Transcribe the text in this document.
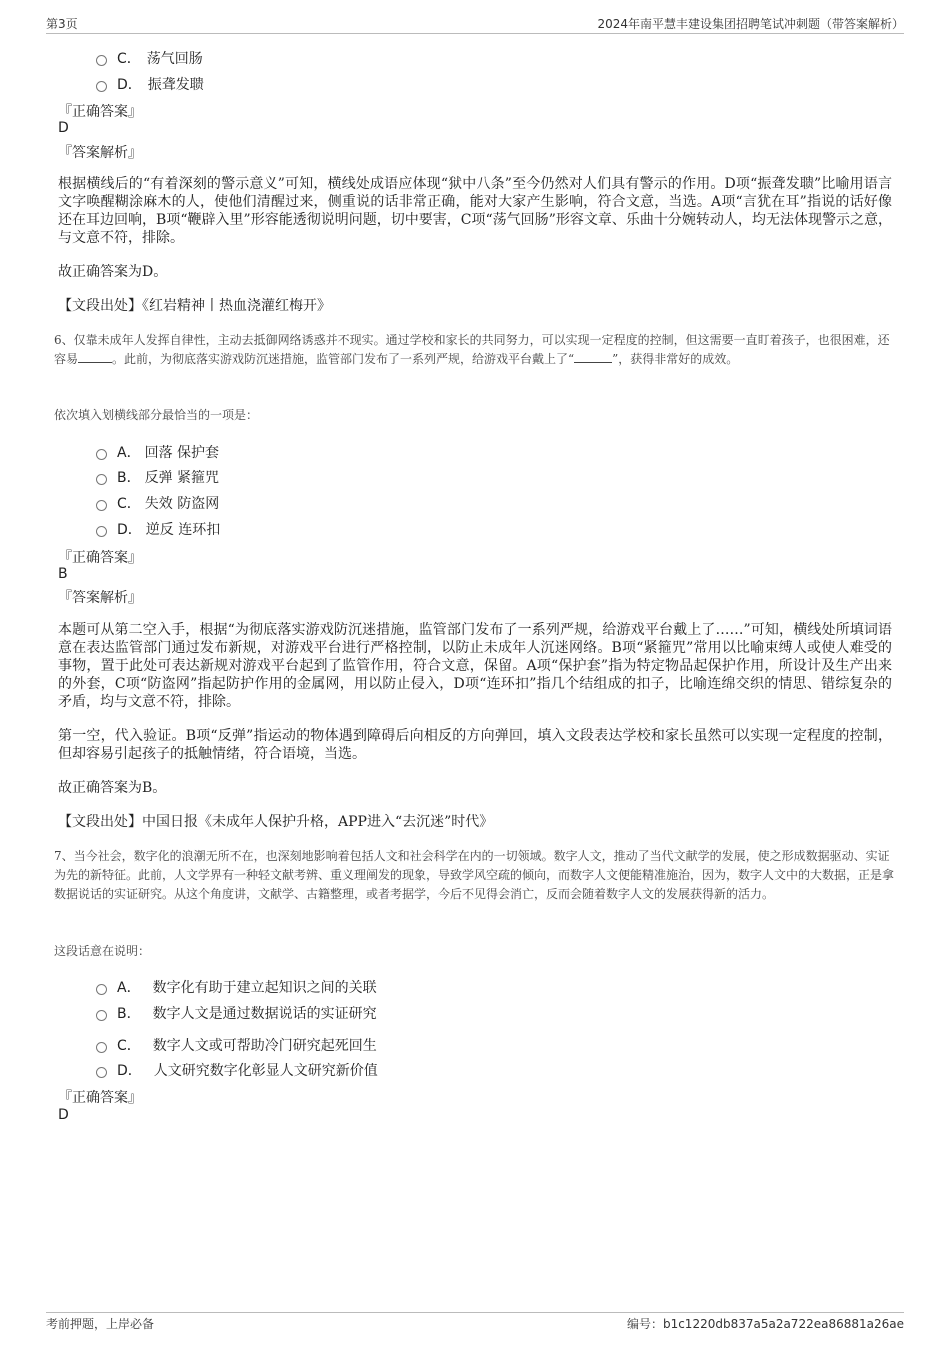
第3页	2024年南平慧丰建设集团招聘笔试冲刺题（带答案解析）
C． 荡气回肠
D． 振聋发聩
『正确答案』
D
『答案解析』
根据横线后的“有着深刻的警示意义”可知，横线处成语应体现“狱中八条”至今仍然对人们具有警示的作用。D项“振聋发聩”比喻用语言文字唤醒糊涂麻木的人，使他们清醒过来，侧重说的话非常正确，能对大家产生影响，符合文意，当选。A项“言犹在耳”指说的话好像还在耳边回响，B项“鞭辟入里”形容能透彻说明问题，切中要害，C项“荡气回肠”形容文章、乐曲十分婉转动人，均无法体现警示之意，与文意不符，排除。
故正确答案为D。
【文段出处】《红岩精神丨热血浇灌红梅开》
6、仅靠未成年人发挥自律性，主动去抵御网络诱惑并不现实。通过学校和家长的共同努力，可以实现一定程度的控制，但这需要一直盯着孩子，也很困难，还容易	。此前，为彻底落实游戏防沉迷措施，监管部门发布了一系列严规，给游戏平台戴上了“	”，获得非常好的成效。
依次填入划横线部分最恰当的一项是：
A． 回落 保护套
B． 反弹 紧箍咒
C． 失效 防盗网
D． 逆反 连环扣
『正确答案』
B
『答案解析』
本题可从第二空入手，根据“为彻底落实游戏防沉迷措施，监管部门发布了一系列严规，给游戏平台戴上了……”可知，横线处所填词语意在表达监管部门通过发布新规，对游戏平台进行严格控制，以防止未成年人沉迷网络。B项“紧箍咒”常用以比喻束缚人或使人难受的事物，置于此处可表达新规对游戏平台起到了监管作用，符合文意，保留。A项“保护套”指为特定物品起保护作用，所设计及生产出来的外套，C项“防盗网”指起防护作用的金属网，用以防止侵入，D项“连环扣”指几个结组成的扣子，比喻连绵交织的情思、错综复杂的矛盾，均与文意不符，排除。
第一空，代入验证。B项“反弹”指运动的物体遇到障碍后向相反的方向弹回，填入文段表达学校和家长虽然可以实现一定程度的控制，但却容易引起孩子的抵触情绪，符合语境，当选。
故正确答案为B。
【文段出处】中国日报《未成年人保护升格，APP进入“去沉迷”时代》
7、当今社会，数字化的浪潮无所不在，也深刻地影响着包括人文和社会科学在内的一切领域。数字人文，推动了当代文献学的发展，使之形成数据驱动、实证为先的新特征。此前，人文学界有一种轻文献考辨、重义理阐发的现象，导致学风空疏的倾向，而数字人文便能精准施治，因为，数字人文中的大数据，正是拿数据说话的实证研究。从这个角度讲，文献学、古籍整理，或者考据学，今后不见得会消亡，反而会随着数字人文的发展获得新的活力。
这段话意在说明：
A． 数字化有助于建立起知识之间的关联
B． 数字人文是通过数据说话的实证研究
C． 数字人文或可帮助冷门研究起死回生
D． 人文研究数字化彰显人文研究新价值
『正确答案』
D
考前押题，上岸必备	编号：b1c1220db837a5a2a722ea86881a26ae
